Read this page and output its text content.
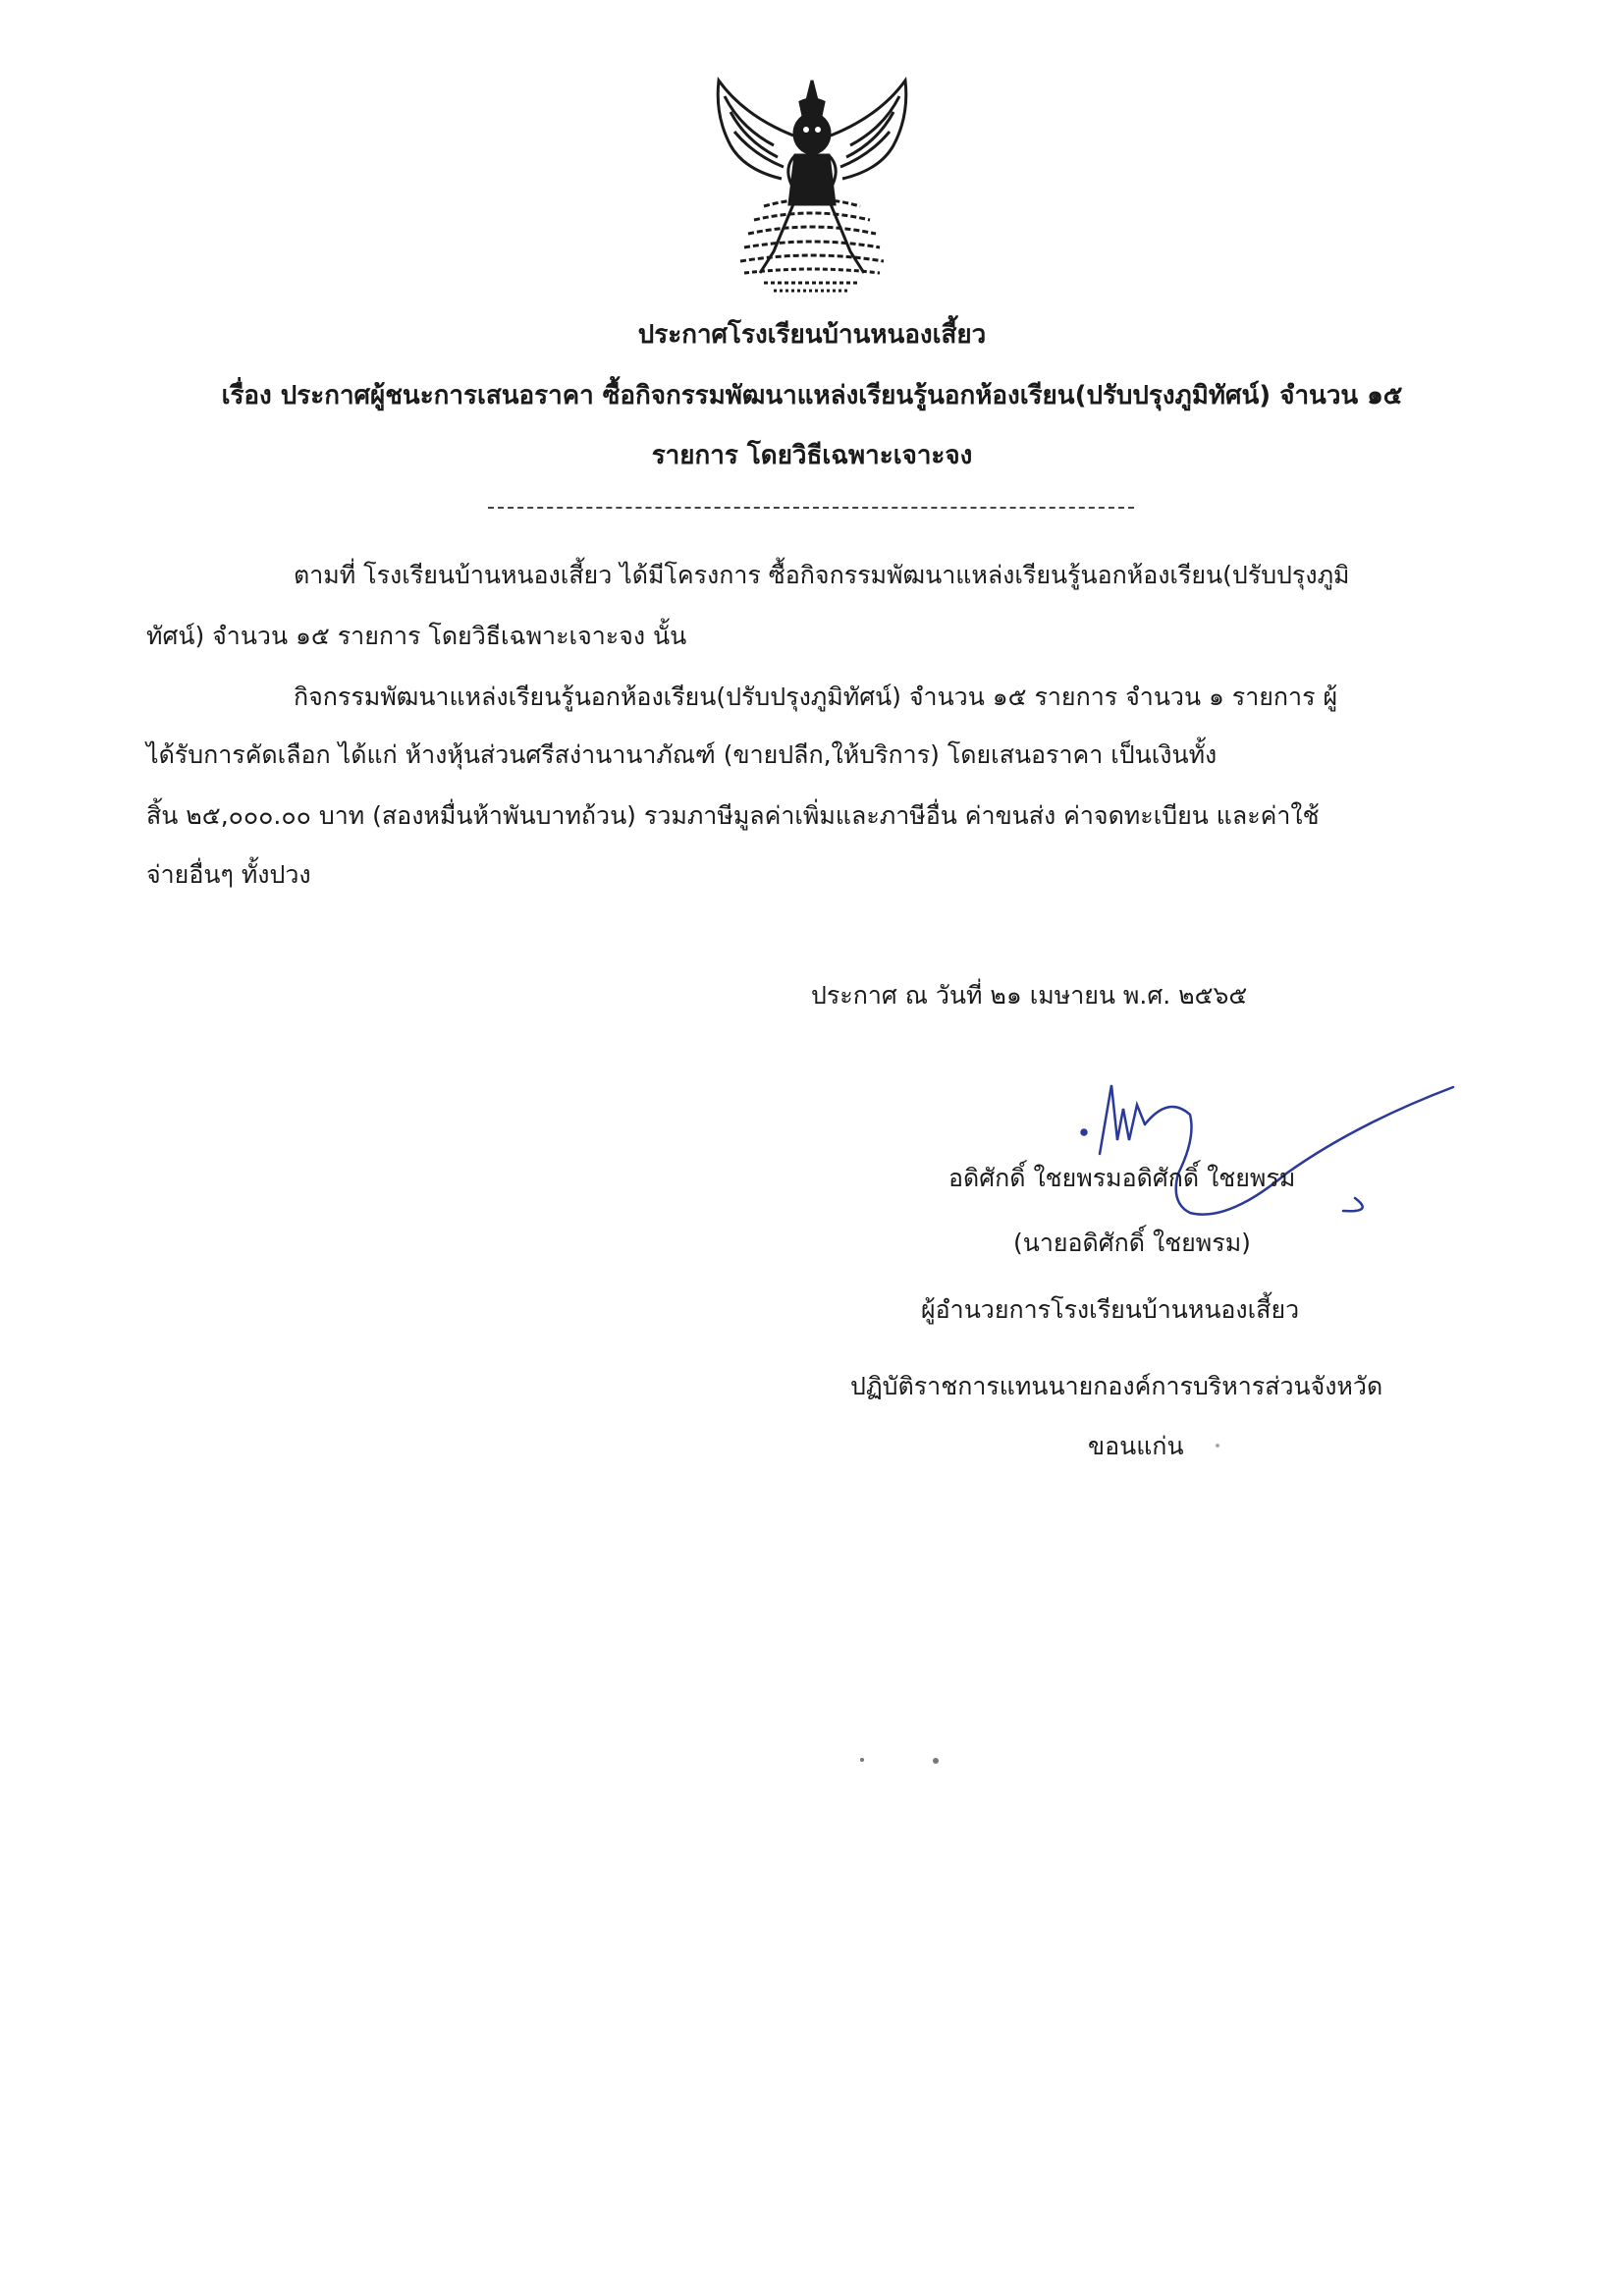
ประกาศโรงเรียนบ้านหนองเสี้ยว
เรื่อง ประกาศผู้ชนะการเสนอราคา ซื้อกิจกรรมพัฒนาแหล่งเรียนรู้นอกห้องเรียน(ปรับปรุงภูมิทัศน์) จำนวน ๑๕
รายการ โดยวิธีเฉพาะเจาะจง
ตามที่ โรงเรียนบ้านหนองเสี้ยว ได้มีโครงการ ซื้อกิจกรรมพัฒนาแหล่งเรียนรู้นอกห้องเรียน(ปรับปรุงภูมิ
ทัศน์) จำนวน ๑๕ รายการ โดยวิธีเฉพาะเจาะจง นั้น
กิจกรรมพัฒนาแหล่งเรียนรู้นอกห้องเรียน(ปรับปรุงภูมิทัศน์) จำนวน ๑๕ รายการ จำนวน ๑ รายการ ผู้
ได้รับการคัดเลือก ได้แก่ ห้างหุ้นส่วนศรีสง่านานาภัณฑ์ (ขายปลีก,ให้บริการ) โดยเสนอราคา เป็นเงินทั้ง
สิ้น ๒๕,๐๐๐.๐๐ บาท (สองหมื่นห้าพันบาทถ้วน) รวมภาษีมูลค่าเพิ่มและภาษีอื่น ค่าขนส่ง ค่าจดทะเบียน และค่าใช้
จ่ายอื่นๆ ทั้งปวง
ประกาศ ณ วันที่ ๒๑ เมษายน พ.ศ. ๒๕๖๕
อดิศักดิ์ ใชยพรมอดิศักดิ์ ใชยพรม
(นายอดิศักดิ์ ใชยพรม)
ผู้อำนวยการโรงเรียนบ้านหนองเสี้ยว
ปฏิบัติราชการแทนนายกองค์การบริหารส่วนจังหวัด
ขอนแก่น
